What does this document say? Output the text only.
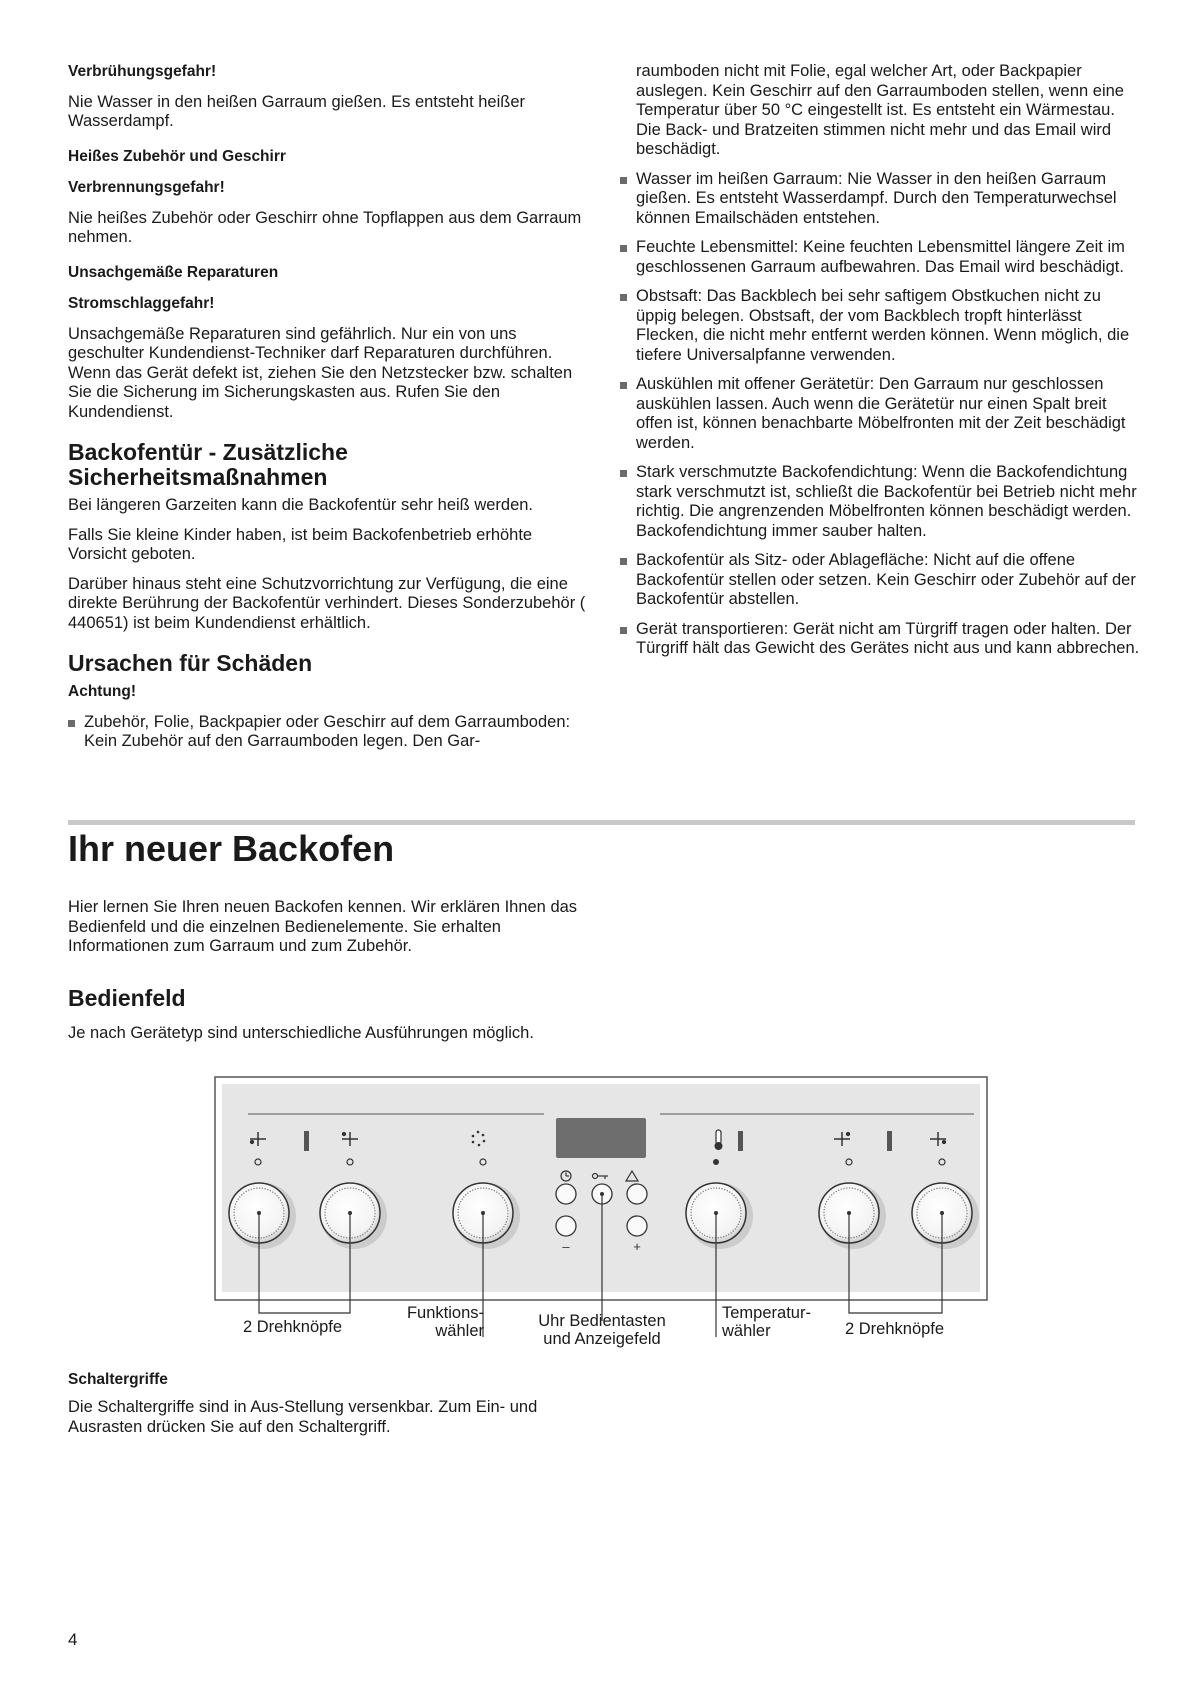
Verbrühungsgefahr!

Nie Wasser in den heißen Garraum gießen. Es entsteht heißer Wasserdampf.

Heißes Zubehör und Geschirr

Verbrennungsgefahr!

Nie heißes Zubehör oder Geschirr ohne Topflappen aus dem Garraum nehmen.

Unsachgemäße Reparaturen

Stromschlaggefahr!

Unsachgemäße Reparaturen sind gefährlich. Nur ein von uns geschulter Kundendienst-Techniker darf Reparaturen durchführen. Wenn das Gerät defekt ist, ziehen Sie den Netzstecker bzw. schalten Sie die Sicherung im Sicherungskasten aus. Rufen Sie den Kundendienst.

Backofentür - Zusätzliche Sicherheitsmaßnahmen

Bei längeren Garzeiten kann die Backofentür sehr heiß werden.

Falls Sie kleine Kinder haben, ist beim Backofenbetrieb erhöhte Vorsicht geboten.

Darüber hinaus steht eine Schutzvorrichtung zur Verfügung, die eine direkte Berührung der Backofentür verhindert. Dieses Sonderzubehör ( 440651) ist beim Kundendienst erhältlich.

Ursachen für Schäden

Achtung!

Zubehör, Folie, Backpapier oder Geschirr auf dem Garraumboden: Kein Zubehör auf den Garraumboden legen. Den Gar-

raumboden nicht mit Folie, egal welcher Art, oder Backpapier auslegen. Kein Geschirr auf den Garraumboden stellen, wenn eine Temperatur über 50 °C eingestellt ist. Es entsteht ein Wärmestau. Die Back- und Bratzeiten stimmen nicht mehr und das Email wird beschädigt.

Wasser im heißen Garraum: Nie Wasser in den heißen Garraum gießen. Es entsteht Wasserdampf. Durch den Temperaturwechsel können Emailschäden entstehen.
Feuchte Lebensmittel: Keine feuchten Lebensmittel längere Zeit im geschlossenen Garraum aufbewahren. Das Email wird beschädigt.
Obstsaft: Das Backblech bei sehr saftigem Obstkuchen nicht zu üppig belegen. Obstsaft, der vom Backblech tropft hinterlässt Flecken, die nicht mehr entfernt werden können. Wenn möglich, die tiefere Universalpfanne verwenden.
Auskühlen mit offener Gerätetür: Den Garraum nur geschlossen auskühlen lassen. Auch wenn die Gerätetür nur einen Spalt breit offen ist, können benachbarte Möbelfronten mit der Zeit beschädigt werden.
Stark verschmutzte Backofendichtung: Wenn die Backofendichtung stark verschmutzt ist, schließt die Backofentür bei Betrieb nicht mehr richtig. Die angrenzenden Möbelfronten können beschädigt werden. Backofendichtung immer sauber halten.
Backofentür als Sitz- oder Ablagefläche: Nicht auf die offene Backofentür stellen oder setzen. Kein Geschirr oder Zubehör auf der Backofentür abstellen.
Gerät transportieren: Gerät nicht am Türgriff tragen oder halten. Der Türgriff hält das Gewicht des Gerätes nicht aus und kann abbrechen.
Ihr neuer Backofen

Hier lernen Sie Ihren neuen Backofen kennen. Wir erklären Ihnen das Bedienfeld und die einzelnen Bedienelemente. Sie erhalten Informationen zum Garraum und zum Zubehör.

Bedienfeld

Je nach Gerätetyp sind unterschiedliche Ausführungen möglich.

–	+
2 Drehknöpfe
Funktions-
wähler
Uhr Bedientasten
und Anzeigefeld
Temperatur-
wähler	2 Drehknöpfe

Schaltergriffe

Die Schaltergriffe sind in Aus-Stellung versenkbar. Zum Ein- und Ausrasten drücken Sie auf den Schaltergriff.

4
